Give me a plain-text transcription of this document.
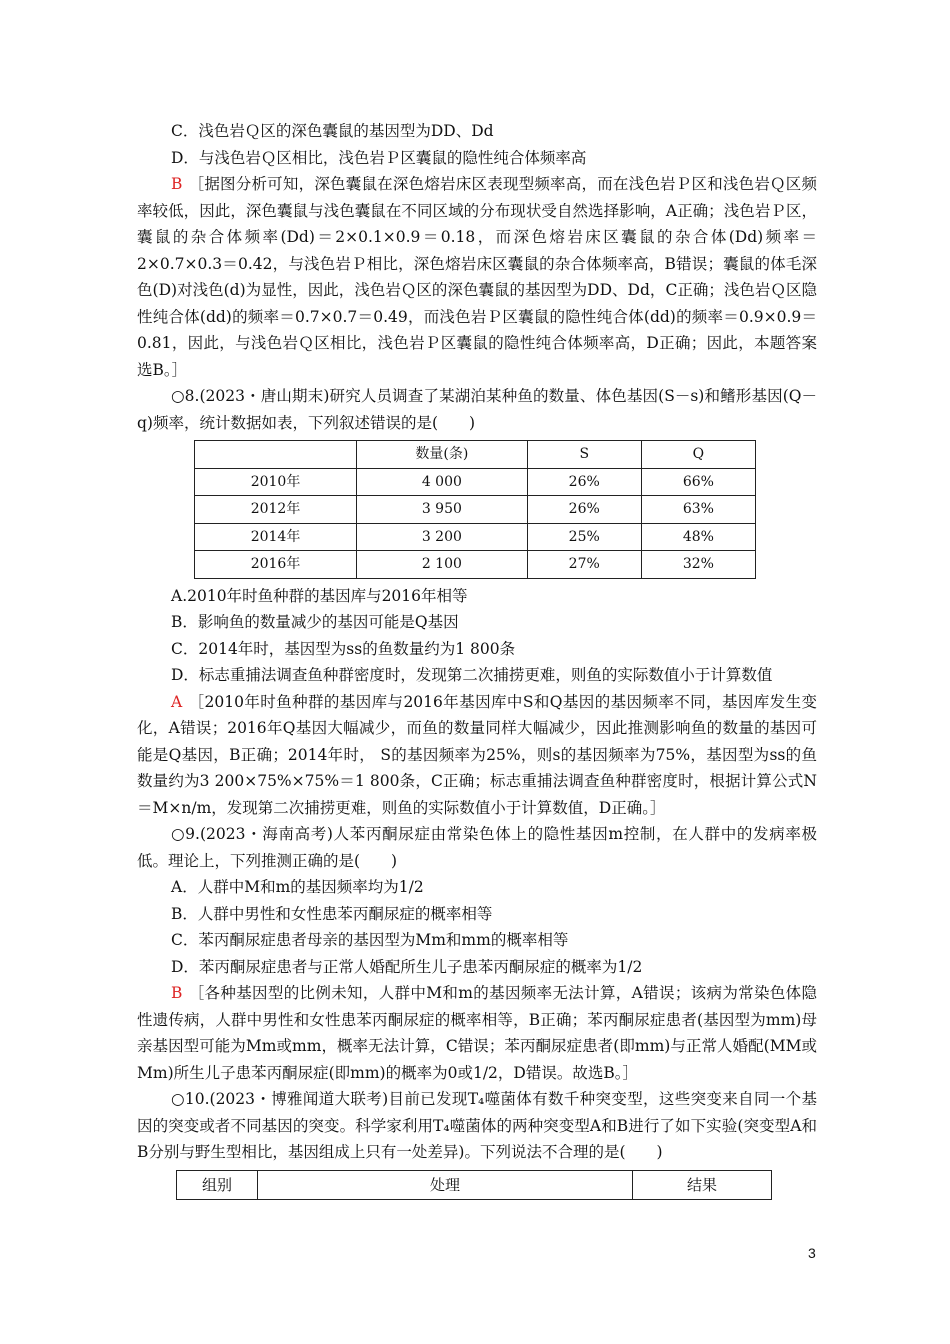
C．浅色岩Ｑ区的深色囊鼠的基因型为DD、Dd
D．与浅色岩Ｑ区相比，浅色岩Ｐ区囊鼠的隐性纯合体频率高
B ［据图分析可知，深色囊鼠在深色熔岩床区表现型频率高，而在浅色岩Ｐ区和浅色岩Ｑ区频率较低，因此，深色囊鼠与浅色囊鼠在不同区域的分布现状受自然选择影响，A正确；浅色岩Ｐ区，囊鼠的杂合体频率(Dd)＝2×0.1×0.9＝0.18，而深色熔岩床区囊鼠的杂合体(Dd)频率＝2×0.7×0.3＝0.42，与浅色岩Ｐ相比，深色熔岩床区囊鼠的杂合体频率高，B错误；囊鼠的体毛深色(D)对浅色(d)为显性，因此，浅色岩Ｑ区的深色囊鼠的基因型为DD、Dd，C正确；浅色岩Ｑ区隐性纯合体(dd)的频率＝0.7×0.7＝0.49，而浅色岩Ｐ区囊鼠的隐性纯合体(dd)的频率＝0.9×0.9＝0.81，因此，与浅色岩Ｑ区相比，浅色岩Ｐ区囊鼠的隐性纯合体频率高，D正确；因此，本题答案选B。］
○8.(2023・唐山期末)研究人员调查了某湖泊某种鱼的数量、体色基因(S－s)和鳍形基因(Q－q)频率，统计数据如表，下列叙述错误的是(　　)
	数量(条)	S	Q
2010年	4 000	26%	66%
2012年	3 950	26%	63%
2014年	3 200	25%	48%
2016年	2 100	27%	32%
A.2010年时鱼种群的基因库与2016年相等
B．影响鱼的数量减少的基因可能是Q基因
C．2014年时，基因型为ss的鱼数量约为1 800条
D．标志重捕法调查鱼种群密度时，发现第二次捕捞更难，则鱼的实际数值小于计算数值
A ［2010年时鱼种群的基因库与2016年基因库中S和Q基因的基因频率不同，基因库发生变化，A错误；2016年Q基因大幅减少，而鱼的数量同样大幅减少，因此推测影响鱼的数量的基因可能是Q基因，B正确；2014年时， S的基因频率为25%，则s的基因频率为75%，基因型为ss的鱼数量约为3 200×75%×75%＝1 800条，C正确；标志重捕法调查鱼种群密度时，根据计算公式N＝M×n/m，发现第二次捕捞更难，则鱼的实际数值小于计算数值，D正确。］
○9.(2023・海南高考)人苯丙酮尿症由常染色体上的隐性基因m控制，在人群中的发病率极低。理论上，下列推测正确的是(　　)
A．人群中M和m的基因频率均为1/2
B．人群中男性和女性患苯丙酮尿症的概率相等
C．苯丙酮尿症患者母亲的基因型为Mm和mm的概率相等
D．苯丙酮尿症患者与正常人婚配所生儿子患苯丙酮尿症的概率为1/2
B ［各种基因型的比例未知，人群中M和m的基因频率无法计算，A错误；该病为常染色体隐性遗传病，人群中男性和女性患苯丙酮尿症的概率相等，B正确；苯丙酮尿症患者(基因型为mm)母亲基因型可能为Mm或mm，概率无法计算，C错误；苯丙酮尿症患者(即mm)与正常人婚配(MM或Mm)所生儿子患苯丙酮尿症(即mm)的概率为0或1/2，D错误。故选B。］
○10.(2023・博雅闻道大联考)目前已发现T₄噬菌体有数千种突变型，这些突变来自同一个基因的突变或者不同基因的突变。科学家利用T₄噬菌体的两种突变型A和B进行了如下实验(突变型A和B分别与野生型相比，基因组成上只有一处差异)。下列说法不合理的是(　　)
组别	处理	结果
3
